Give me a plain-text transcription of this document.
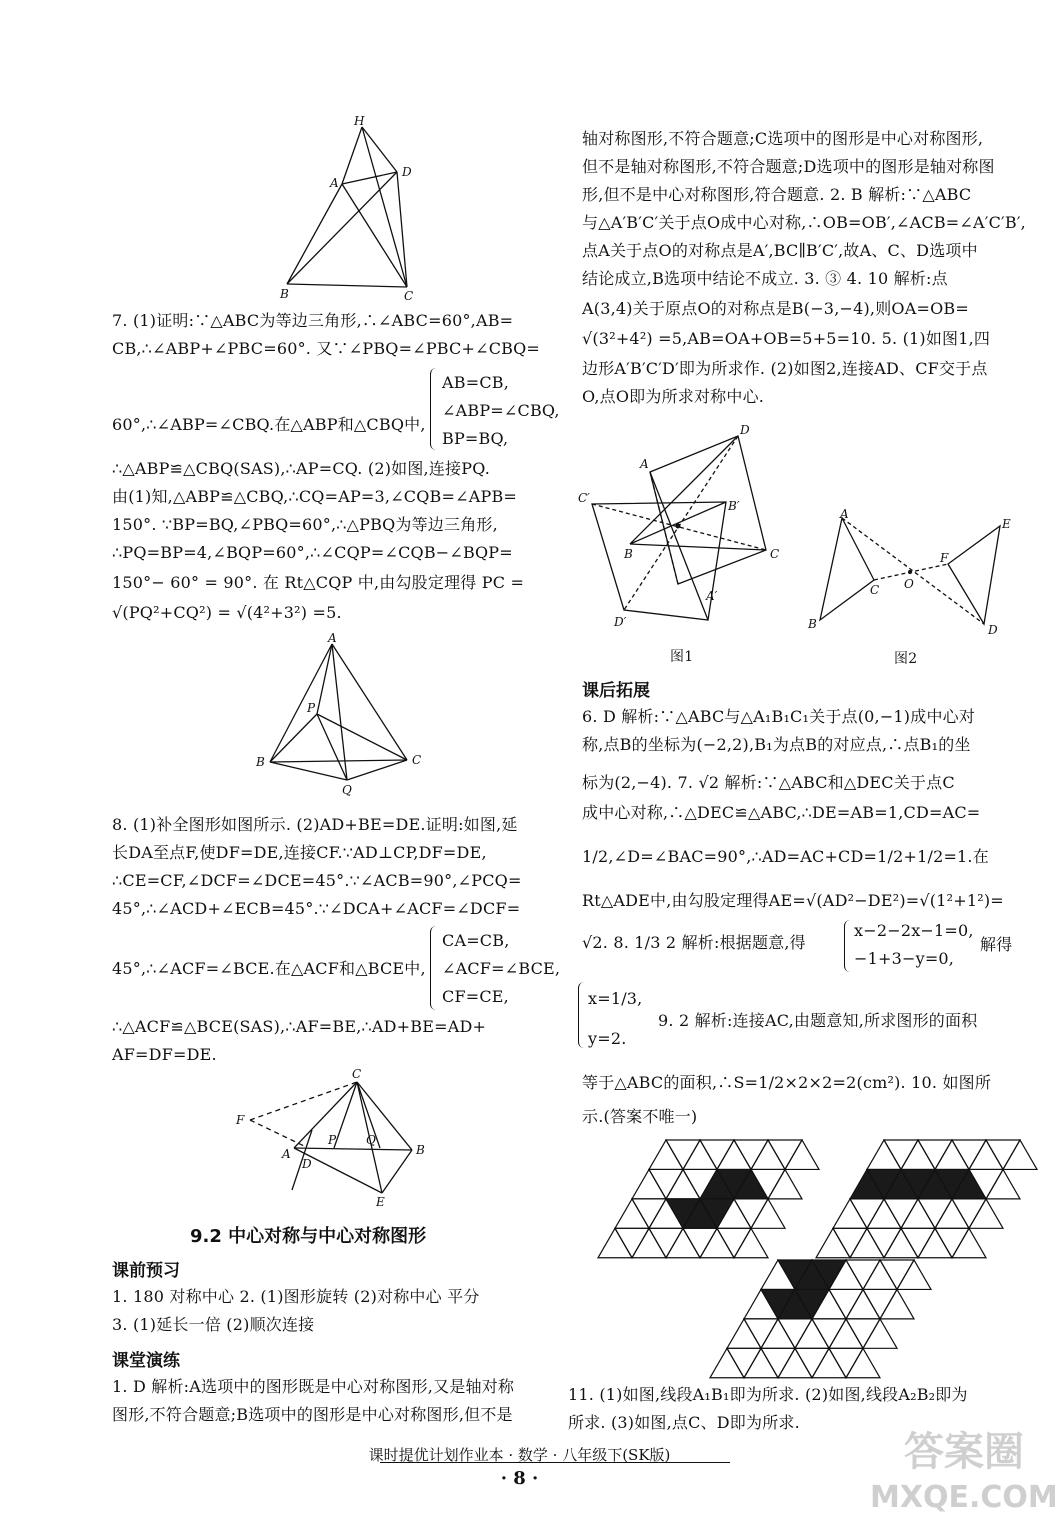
H
A
D
B	C
7. (1)证明:∵△ABC为等边三角形,∴∠ABC=60°,AB=
CB,∴∠ABP+∠PBC=60°. 又∵∠PBQ=∠PBC+∠CBQ=
60°,∴∠ABP=∠CBQ.在△ABP和△CBQ中,
AB=CB,
∠ABP=∠CBQ,
BP=BQ,
∴△ABP≌△CBQ(SAS),∴AP=CQ. (2)如图,连接PQ.
由(1)知,△ABP≌△CBQ,∴CQ=AP=3,∠CQB=∠APB=
150°. ∵BP=BQ,∠PBQ=60°,∴△PBQ为等边三角形,
∴PQ=BP=4,∠BQP=60°,∴∠CQP=∠CQB−∠BQP=
150°− 60° = 90°. 在 Rt△CQP 中,由勾股定理得 PC =
√(PQ²+CQ²) = √(4²+3²) =5.
A
P
B	C
Q
8. (1)补全图形如图所示. (2)AD+BE=DE.证明:如图,延
长DA至点F,使DF=DE,连接CF.∵AD⊥CP,DF=DE,
∴CE=CF,∠DCF=∠DCE=45°.∵∠ACB=90°,∠PCQ=
45°,∴∠ACD+∠ECB=45°.∵∠DCA+∠ACF=∠DCF=
45°,∴∠ACF=∠BCE.在△ACF和△BCE中,
CA=CB,
∠ACF=∠BCE,
CF=CE,
∴△ACF≌△BCE(SAS),∴AF=BE,∴AD+BE=AD+
AF=DF=DE.
C
F
P Q
A
D
B
E
9.2 中心对称与中心对称图形
课前预习
1. 180 对称中心 2. (1)图形旋转 (2)对称中心 平分
3. (1)延长一倍 (2)顺次连接
课堂演练
1. D 解析:A选项中的图形既是中心对称图形,又是轴对称
图形,不符合题意;B选项中的图形是中心对称图形,但不是
轴对称图形,不符合题意;C选项中的图形是中心对称图形,
但不是轴对称图形,不符合题意;D选项中的图形是轴对称图
形,但不是中心对称图形,符合题意. 2. B 解析:∵△ABC
与△A′B′C′关于点O成中心对称,∴OB=OB′,∠ACB=∠A′C′B′,
点A关于点O的对称点是A′,BC∥B′C′,故A、C、D选项中
结论成立,B选项中结论不成立. 3. ③ 4. 10 解析:点
A(3,4)关于原点O的对称点是B(−3,−4),则OA=OB=
√(3²+4²) =5,AB=OA+OB=5+5=10. 5. (1)如图1,四
边形A′B′C′D′即为所求作. (2)如图2,连接AD、CF交于点
O,点O即为所求对称中心.
D
A
C′
B′
B	C
A′
D′
图1
A
E
F
C O
B	D
图2
课后拓展
6. D 解析:∵△ABC与△A₁B₁C₁关于点(0,−1)成中心对
称,点B的坐标为(−2,2),B₁为点B的对应点,∴点B₁的坐
标为(2,−4). 7. √2 解析:∵△ABC和△DEC关于点C
成中心对称,∴△DEC≌△ABC,∴DE=AB=1,CD=AC=
1/2,∠D=∠BAC=90°,∴AD=AC+CD=1/2+1/2=1.在
Rt△ADE中,由勾股定理得AE=√(AD²−DE²)=√(1²+1²)=
√2. 8. 1/3 2 解析:根据题意,得
x−2−2x−1=0,
−1+3−y=0,
解得
x=1/3,
y=2.
9. 2 解析:连接AC,由题意知,所求图形的面积
等于△ABC的面积,∴S=1/2×2×2=2(cm²). 10. 如图所
示.(答案不唯一)
11. (1)如图,线段A₁B₁即为所求. (2)如图,线段A₂B₂即为
所求. (3)如图,点C、D即为所求.
课时提优计划作业本 · 数学 · 八年级下(SK版)
· 8 ·
答案圈
MXQE.COM
